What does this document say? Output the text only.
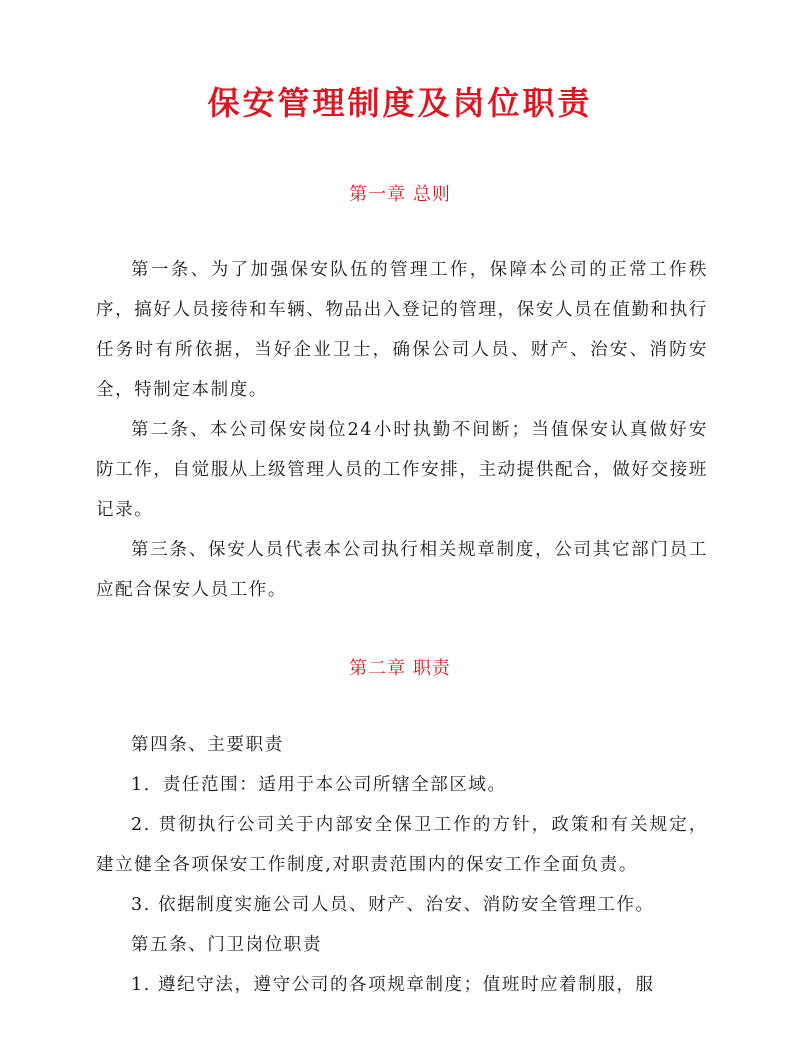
保安管理制度及岗位职责
第一章 总则

第一条、为了加强保安队伍的管理工作，保障本公司的正常工作秩序，搞好人员接待和车辆、物品出入登记的管理，保安人员在值勤和执行任务时有所依据，当好企业卫士，确保公司人员、财产、治安、消防安全，特制定本制度。

第二条、本公司保安岗位24小时执勤不间断；当值保安认真做好安防工作，自觉服从上级管理人员的工作安排，主动提供配合，做好交接班记录。

第三条、保安人员代表本公司执行相关规章制度，公司其它部门员工应配合保安人员工作。

第二章 职责

第四条、主要职责

1．责任范围：适用于本公司所辖全部区域。

2. 贯彻执行公司关于内部安全保卫工作的方针，政策和有关规定，建立健全各项保安工作制度,对职责范围内的保安工作全面负责。

3. 依据制度实施公司人员、财产、治安、消防安全管理工作。

第五条、门卫岗位职责

1. 遵纪守法，遵守公司的各项规章制度；值班时应着制服，服
